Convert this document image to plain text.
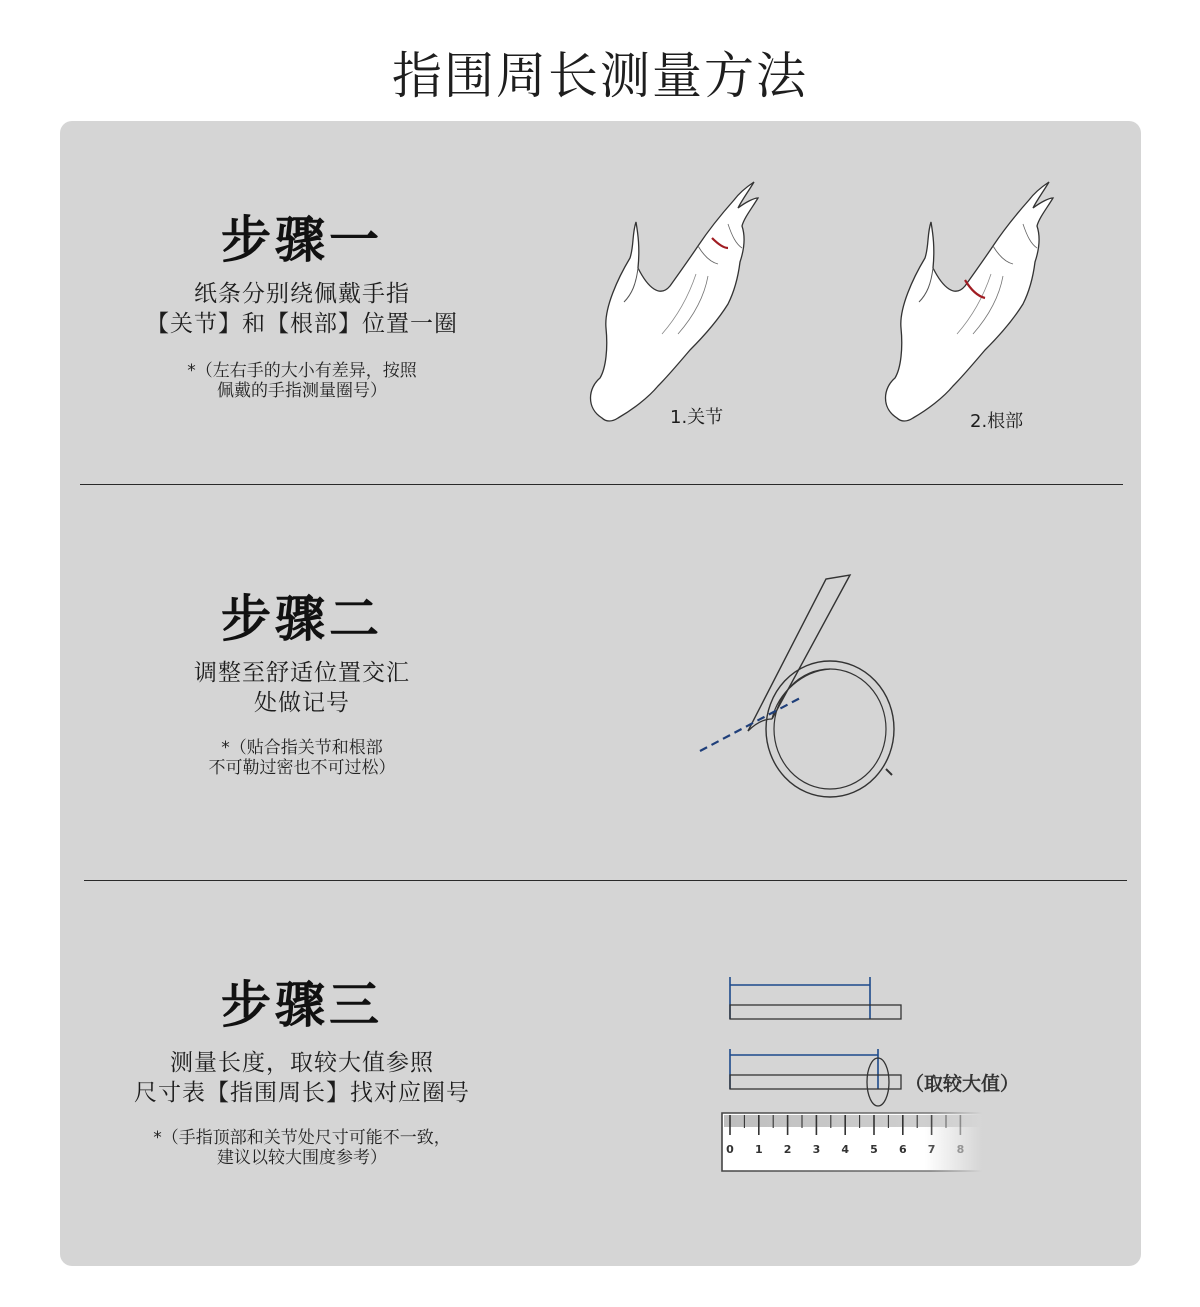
指围周长测量方法
步骤一
纸条分别绕佩戴手指
【关节】和【根部】位置一圈
*（左右手的大小有差异，按照
佩戴的手指测量圈号）
1.关节	2.根部
步骤二
调整至舒适位置交汇
处做记号
*（贴合指关节和根部
不可勒过密也不可过松）
步骤三
测量长度，取较大值参照
尺寸表【指围周长】找对应圈号
*（手指顶部和关节处尺寸可能不一致，
建议以较大围度参考）	0 1 2 3 4 5 6 7 8
（取较大值）
